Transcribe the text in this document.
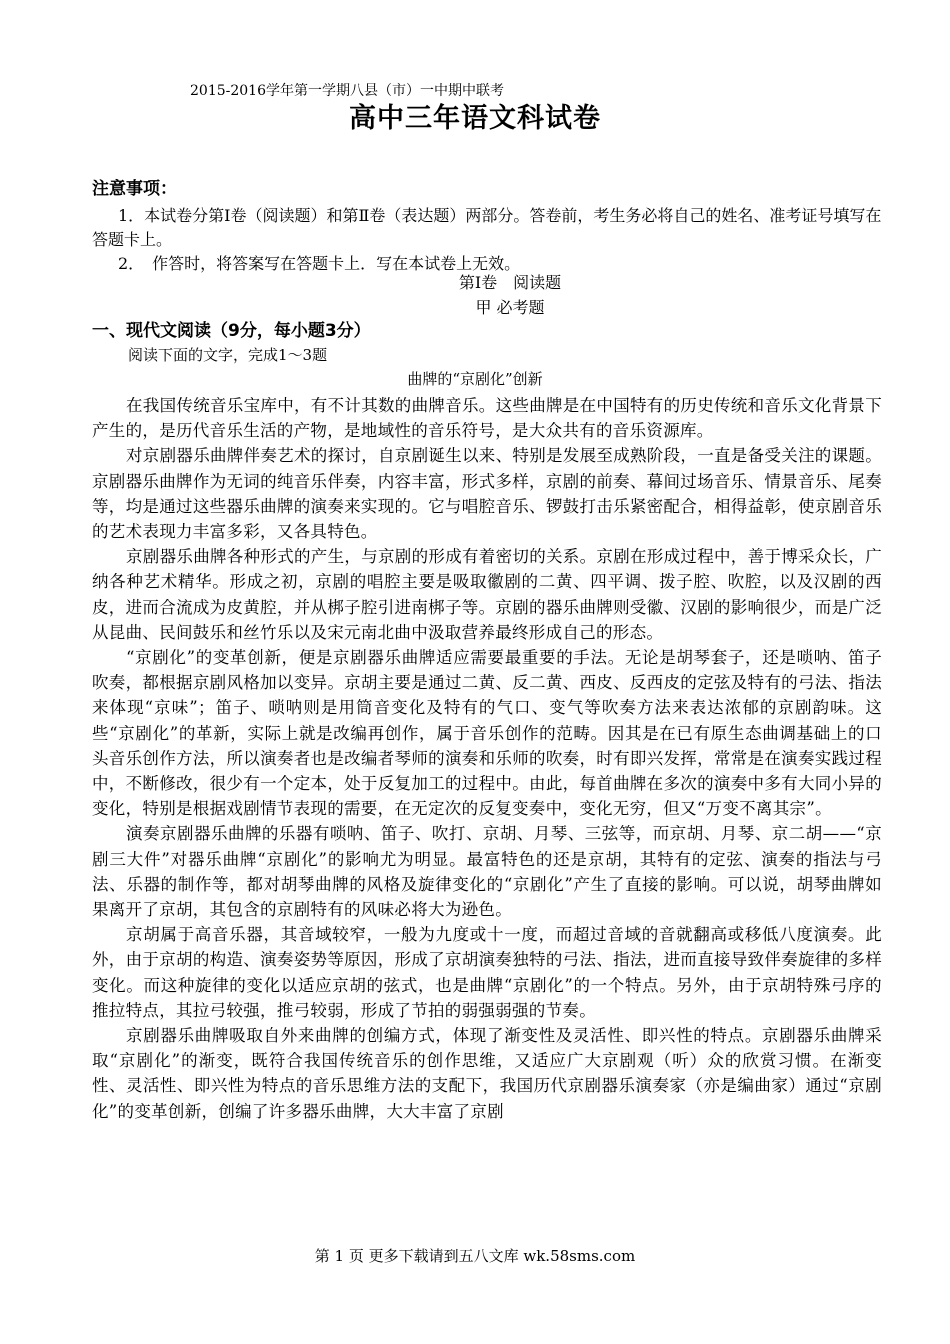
2015-2016学年第一学期八县（市）一中期中联考
高中三年语文科试卷
注意事项：
1．本试卷分第Ⅰ卷（阅读题）和第Ⅱ卷（表达题）两部分。答卷前，考生务必将自己的姓名、准考证号填写在答题卡上。
2．　作答时，将答案写在答题卡上．写在本试卷上无效。
第Ⅰ卷　阅读题
甲 必考题
一、现代文阅读（9分，每小题3分）
阅读下面的文字，完成1～3题
曲牌的“京剧化”创新

在我国传统音乐宝库中，有不计其数的曲牌音乐。这些曲牌是在中国特有的历史传统和音乐文化背景下产生的，是历代音乐生活的产物，是地域性的音乐符号，是大众共有的音乐资源库。

对京剧器乐曲牌伴奏艺术的探讨，自京剧诞生以来、特别是发展至成熟阶段，一直是备受关注的课题。京剧器乐曲牌作为无词的纯音乐伴奏，内容丰富，形式多样，京剧的前奏、幕间过场音乐、情景音乐、尾奏等，均是通过这些器乐曲牌的演奏来实现的。它与唱腔音乐、锣鼓打击乐紧密配合，相得益彰，使京剧音乐的艺术表现力丰富多彩，又各具特色。

京剧器乐曲牌各种形式的产生，与京剧的形成有着密切的关系。京剧在形成过程中，善于博采众长，广纳各种艺术精华。形成之初，京剧的唱腔主要是吸取徽剧的二黄、四平调、拨子腔、吹腔，以及汉剧的西皮，进而合流成为皮黄腔，并从梆子腔引进南梆子等。京剧的器乐曲牌则受徽、汉剧的影响很少，而是广泛从昆曲、民间鼓乐和丝竹乐以及宋元南北曲中汲取营养最终形成自己的形态。

“京剧化”的变革创新，便是京剧器乐曲牌适应需要最重要的手法。无论是胡琴套子，还是唢呐、笛子吹奏，都根据京剧风格加以变异。京胡主要是通过二黄、反二黄、西皮、反西皮的定弦及特有的弓法、指法来体现“京味”；笛子、唢呐则是用筒音变化及特有的气口、变气等吹奏方法来表达浓郁的京剧韵味。这些“京剧化”的革新，实际上就是改编再创作，属于音乐创作的范畴。因其是在已有原生态曲调基础上的口头音乐创作方法，所以演奏者也是改编者琴师的演奏和乐师的吹奏，时有即兴发挥，常常是在演奏实践过程中，不断修改，很少有一个定本，处于反复加工的过程中。由此，每首曲牌在多次的演奏中多有大同小异的变化，特别是根据戏剧情节表现的需要，在无定次的反复变奏中，变化无穷，但又“万变不离其宗”。

演奏京剧器乐曲牌的乐器有唢呐、笛子、吹打、京胡、月琴、三弦等，而京胡、月琴、京二胡——“京剧三大件”对器乐曲牌“京剧化”的影响尤为明显。最富特色的还是京胡，其特有的定弦、演奏的指法与弓法、乐器的制作等，都对胡琴曲牌的风格及旋律变化的“京剧化”产生了直接的影响。可以说，胡琴曲牌如果离开了京胡，其包含的京剧特有的风味必将大为逊色。

京胡属于高音乐器，其音域较窄，一般为九度或十一度，而超过音域的音就翻高或移低八度演奏。此外，由于京胡的构造、演奏姿势等原因，形成了京胡演奏独特的弓法、指法，进而直接导致伴奏旋律的多样变化。而这种旋律的变化以适应京胡的弦式，也是曲牌“京剧化”的一个特点。另外，由于京胡特殊弓序的推拉特点，其拉弓较强，推弓较弱，形成了节拍的弱强弱强的节奏。

京剧器乐曲牌吸取自外来曲牌的创编方式，体现了渐变性及灵活性、即兴性的特点。京剧器乐曲牌采取“京剧化”的渐变，既符合我国传统音乐的创作思维，又适应广大京剧观（听）众的欣赏习惯。在渐变性、灵活性、即兴性为特点的音乐思维方法的支配下，我国历代京剧器乐演奏家（亦是编曲家）通过“京剧化”的变革创新，创编了许多器乐曲牌，大大丰富了京剧

第 1 页 更多下载请到五八文库 wk.58sms.com
